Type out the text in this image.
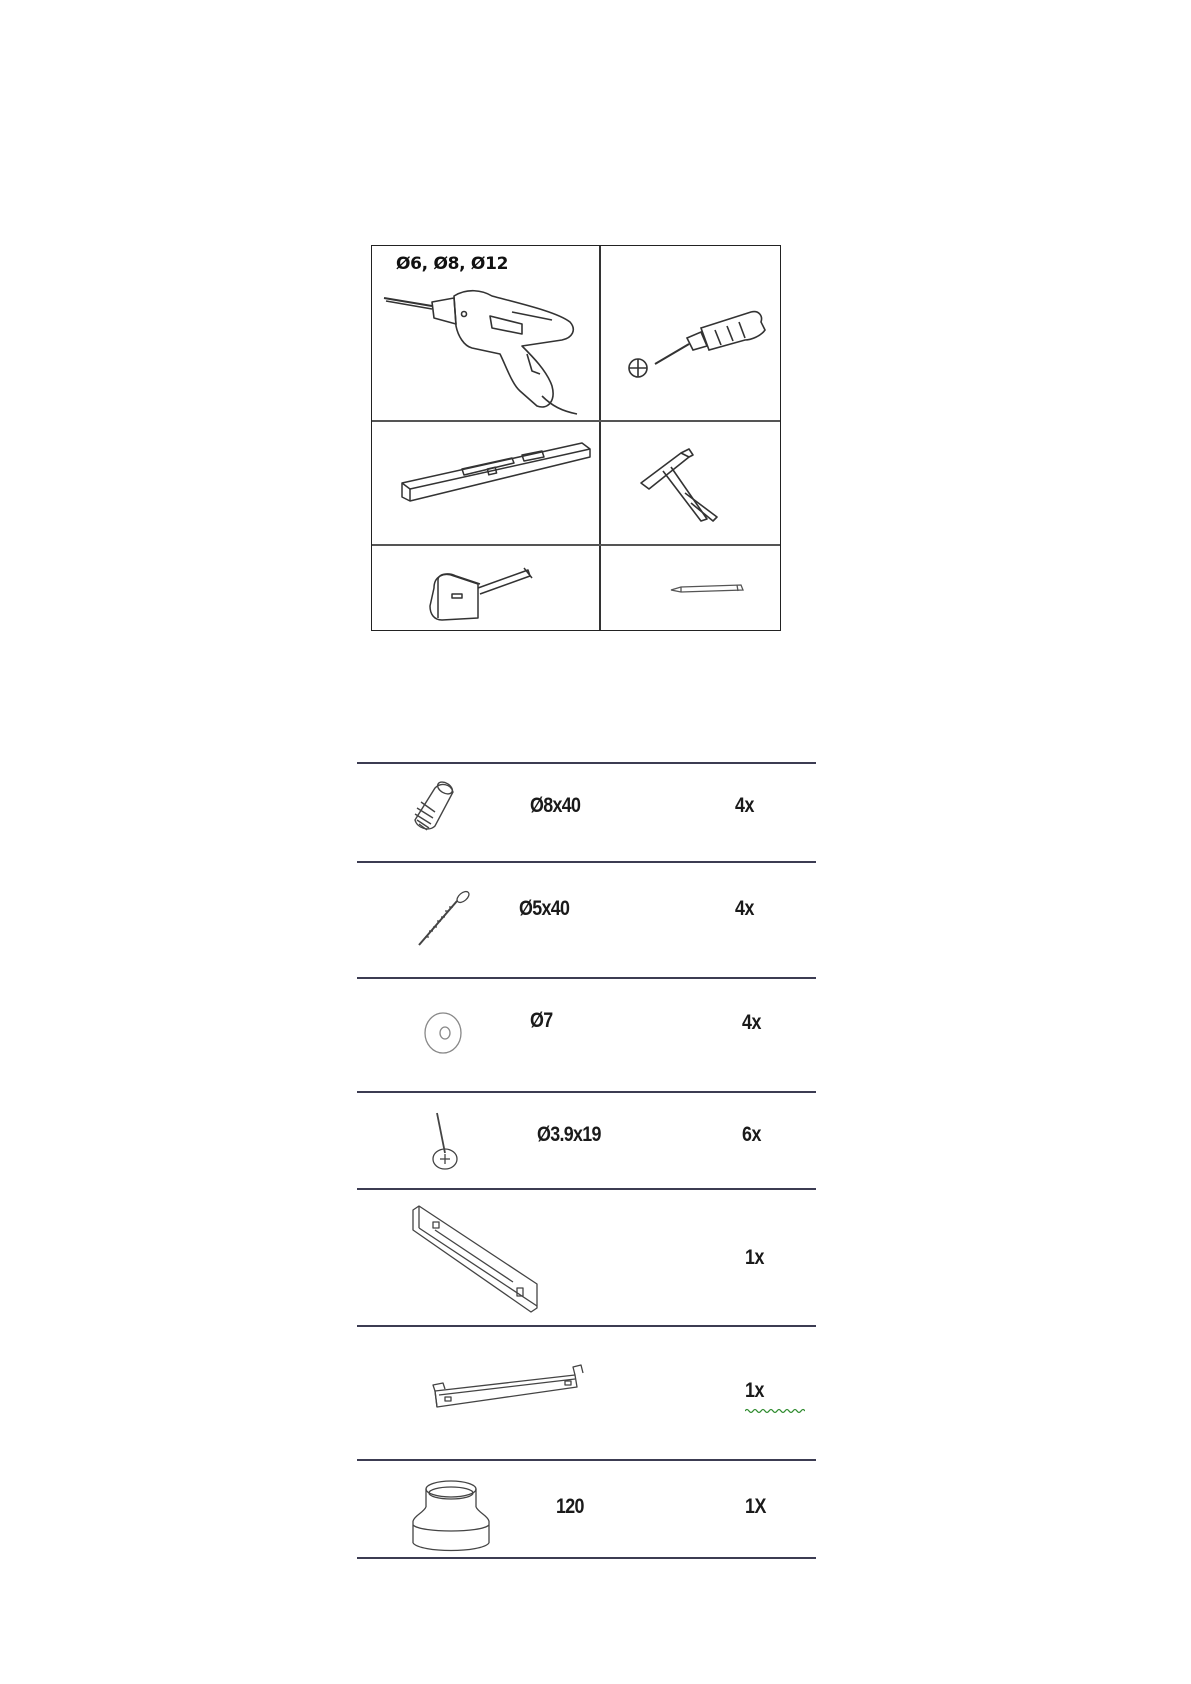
Ø6, Ø8, Ø12
Ø8x40	4x
Ø5x40	4x
Ø7	4x
Ø3.9x19	6x
1x
1x
120	1X
